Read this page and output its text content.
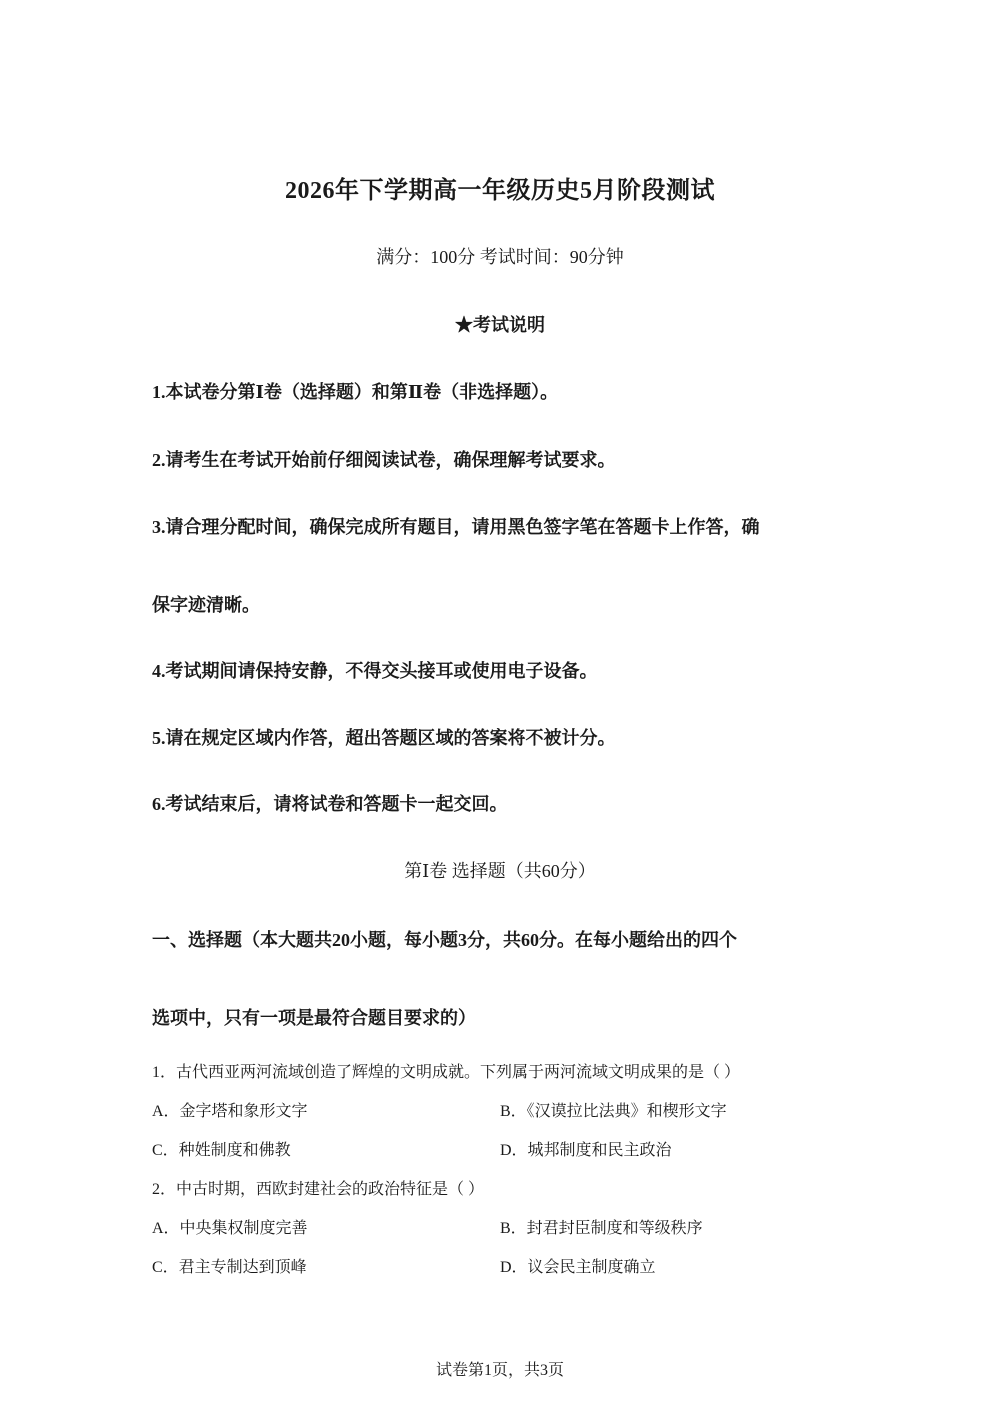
2026年下学期高一年级历史5月阶段测试
满分：100分 考试时间：90分钟
★考试说明
1.本试卷分第Ⅰ卷（选择题）和第Ⅱ卷（非选择题）。
2.请考生在考试开始前仔细阅读试卷，确保理解考试要求。
3.请合理分配时间，确保完成所有题目，请用黑色签字笔在答题卡上作答，确
保字迹清晰。
4.考试期间请保持安静，不得交头接耳或使用电子设备。
5.请在规定区域内作答，超出答题区域的答案将不被计分。
6.考试结束后，请将试卷和答题卡一起交回。
第Ⅰ卷 选择题（共60分）
一、选择题（本大题共20小题，每小题3分，共60分。在每小题给出的四个
选项中，只有一项是最符合题目要求的）
1．古代西亚两河流域创造了辉煌的文明成就。下列属于两河流域文明成果的是（ ）
A．金字塔和象形文字	B．《汉谟拉比法典》和楔形文字
C．种姓制度和佛教	D．城邦制度和民主政治
2．中古时期，西欧封建社会的政治特征是（ ）
A．中央集权制度完善	B．封君封臣制度和等级秩序
C．君主专制达到顶峰	D．议会民主制度确立
试卷第1页，共3页
